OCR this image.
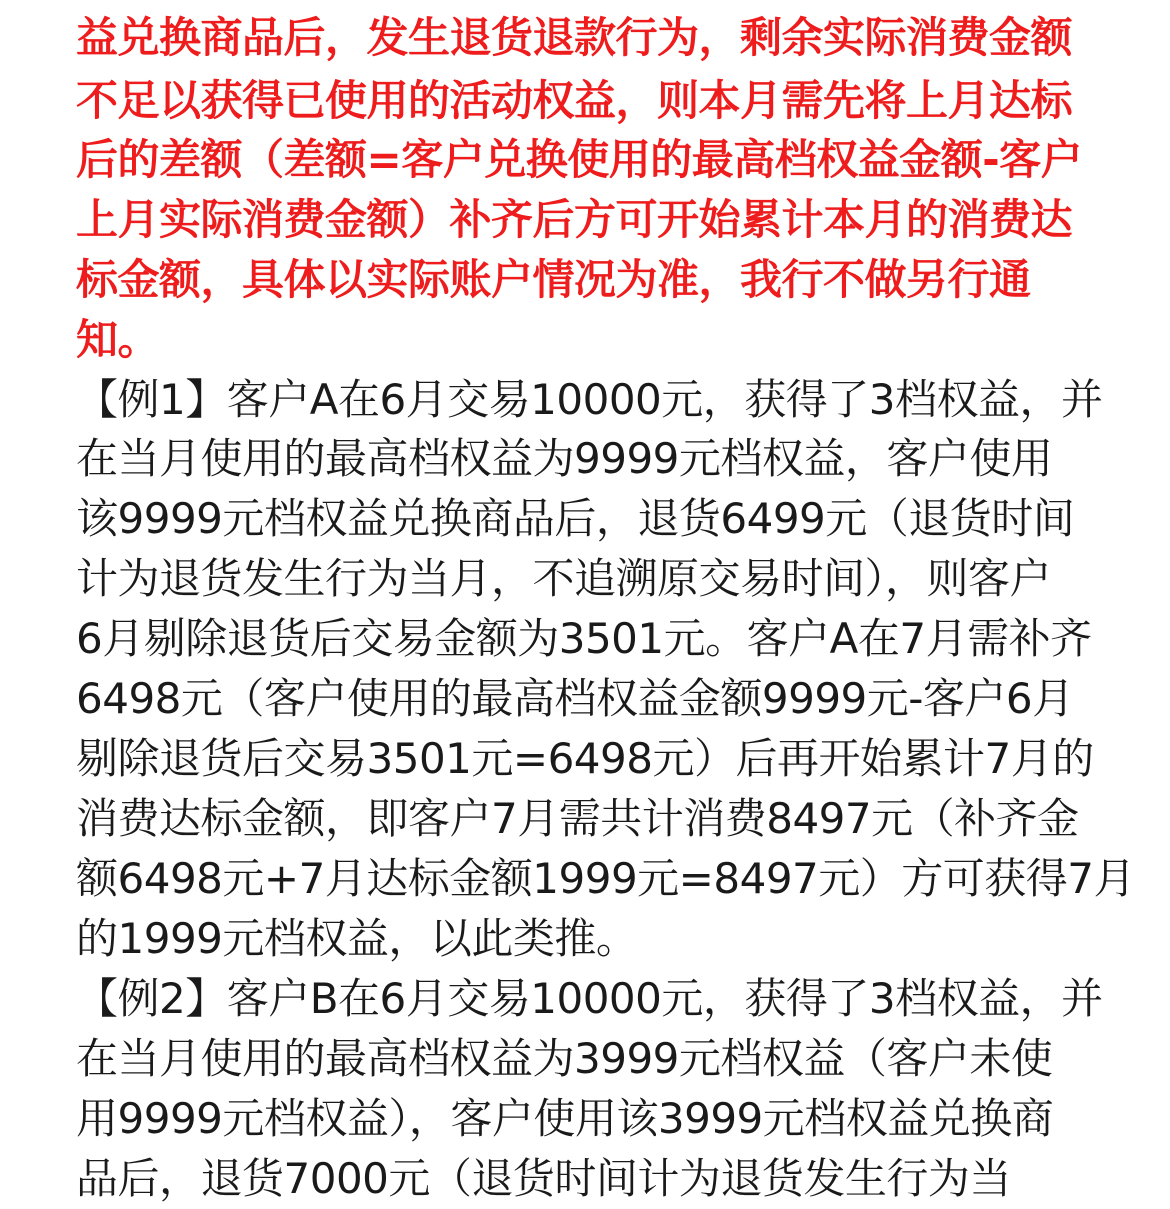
益兑换商品后，发生退货退款行为，剩余实际消费金额
不足以获得已使用的活动权益，则本月需先将上月达标
后的差额（差额=客户兑换使用的最高档权益金额-客户
上月实际消费金额）补齐后方可开始累计本月的消费达
标金额，具体以实际账户情况为准，我行不做另行通
知。
【例1】客户A在6月交易10000元，获得了3档权益，并
在当月使用的最高档权益为9999元档权益，客户使用
该9999元档权益兑换商品后，退货6499元（退货时间
计为退货发生行为当月，不追溯原交易时间），则客户
6月剔除退货后交易金额为3501元。客户A在7月需补齐
6498元（客户使用的最高档权益金额9999元-客户6月
剔除退货后交易3501元=6498元）后再开始累计7月的
消费达标金额，即客户7月需共计消费8497元（补齐金
额6498元+7月达标金额1999元=8497元）方可获得7月
的1999元档权益，以此类推。
【例2】客户B在6月交易10000元，获得了3档权益，并
在当月使用的最高档权益为3999元档权益（客户未使
用9999元档权益），客户使用该3999元档权益兑换商
品后，退货7000元（退货时间计为退货发生行为当
